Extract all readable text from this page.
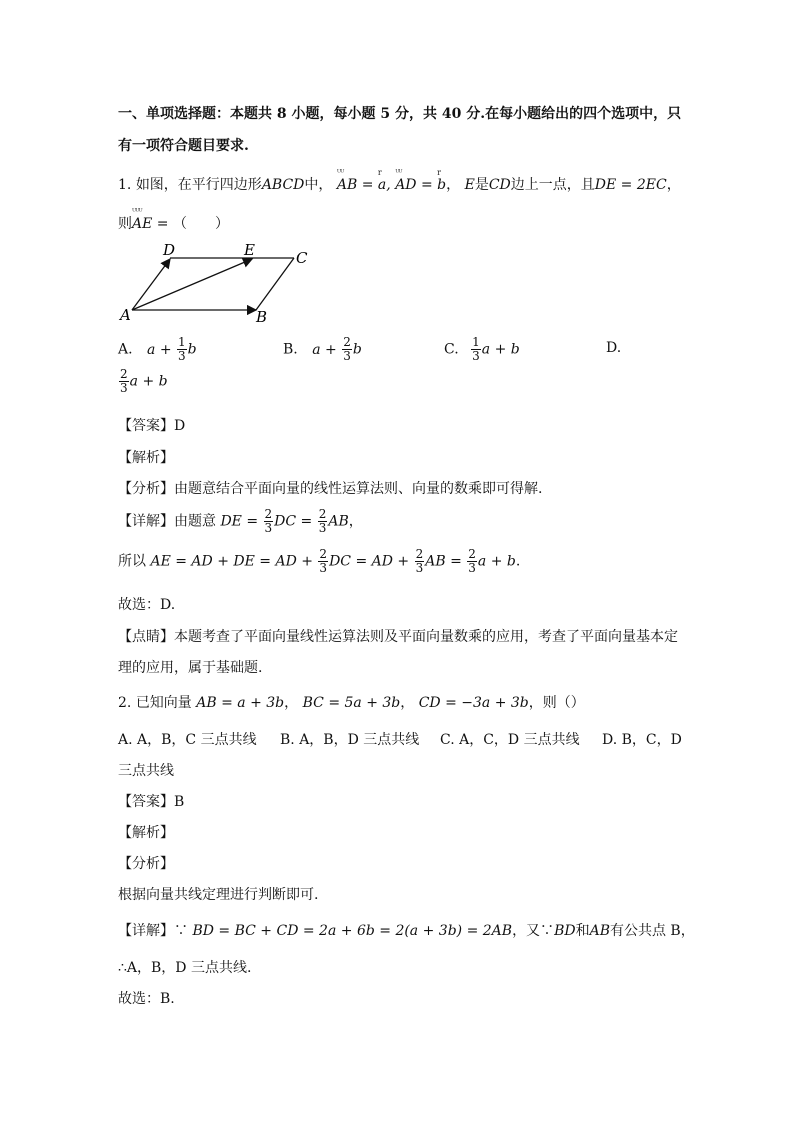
一、单项选择题：本题共 8 小题，每小题 5 分，共 40 分.在每小题给出的四个选项中，只
有一项符合题目要求.
1. 如图，在平行四边形ABCD中， AB
ᵁᵁ
= a
r
, AD
ᵁᵁ
= b
r
， E是CD边上一点，且DE = 2EC，
则AE
ᵁᵁᵁ
= （　　）
A	B
C
D	E
A. $a + \frac{1}{3}$ b	B. $a + \frac{2}{3}$ b	C. $\frac{1}{3}$ a + b	D.
$\frac{2}{3}$ a + b
【答案】D
【解析】
【分析】由题意结合平面向量的线性运算法则、向量的数乘即可得解.
【详解】由题意 DE = $\frac{2}{3}$ DC = $\frac{2}{3}$ AB，
所以 AE = AD + DE = AD + $\frac{2}{3}$ DC = AD + $\frac{2}{3}$ AB = $\frac{2}{3}$ a + b.
故选：D.
【点睛】本题考查了平面向量线性运算法则及平面向量数乘的应用，考查了平面向量基本定
理的应用，属于基础题.
2. 已知向量 AB = a + 3b， BC = 5a + 3b， CD = −3a + 3b，则（）
A. A，B，C 三点共线 B. A，B，D 三点共线 C. A，C，D 三点共线 D. B，C，D
三点共线
【答案】B
【解析】
【分析】
根据向量共线定理进行判断即可.
【详解】∵ BD = BC + CD = 2a + 6b = 2(a + 3b) = 2AB，又∵BD和AB有公共点 B，
∴A，B，D 三点共线.
故选：B.
